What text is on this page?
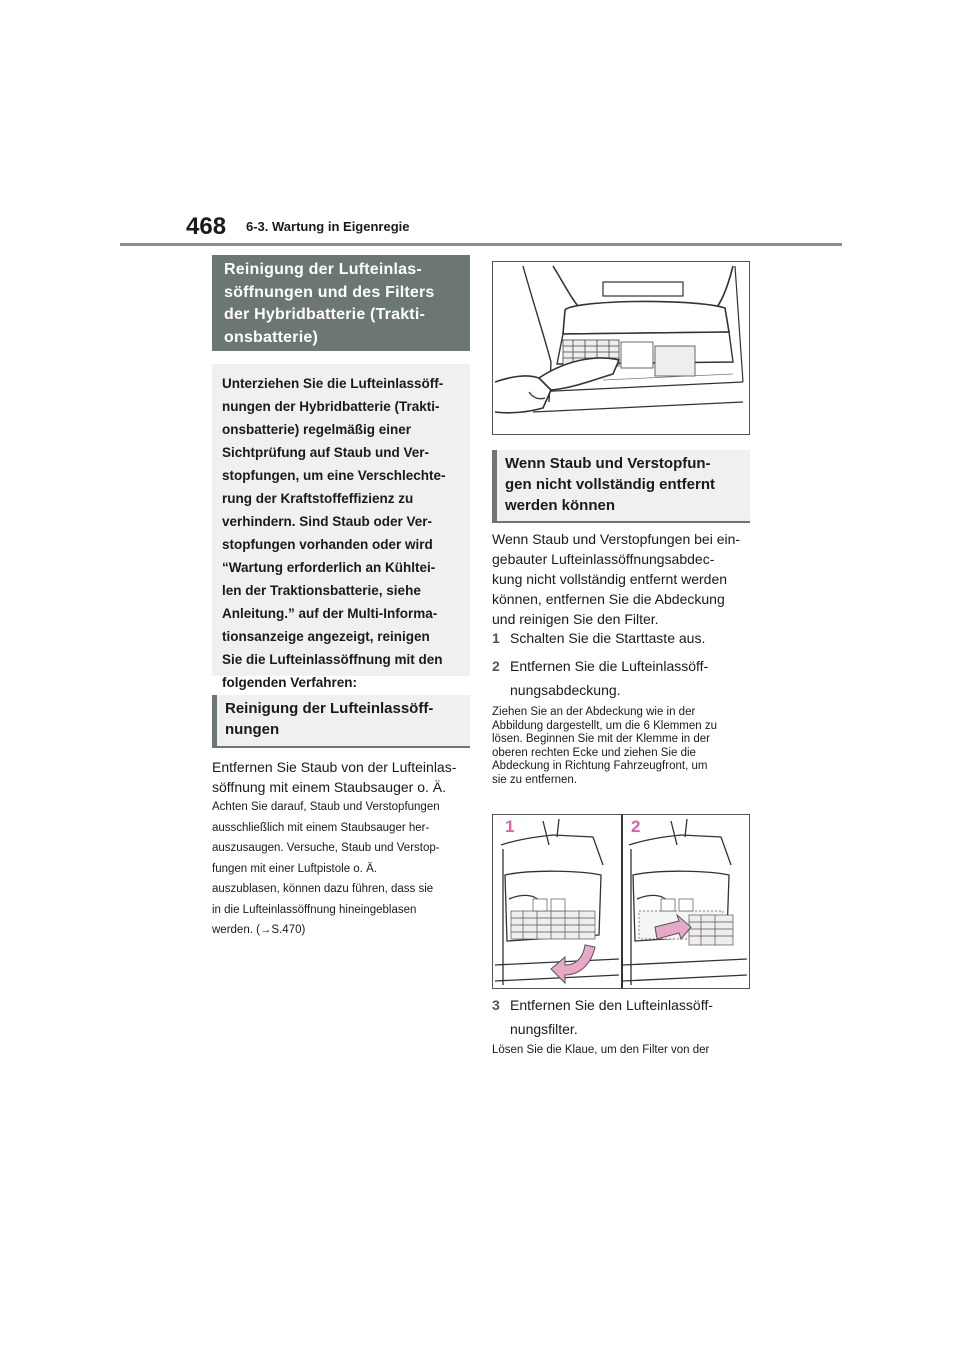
468 6-3. Wartung in Eigenregie
Reinigung der Lufteinlas-
söffnungen und des Filters
der Hybridbatterie (Trakti-
onsbatterie)
Unterziehen Sie die Lufteinlassöff-
nungen der Hybridbatterie (Trakti-
onsbatterie) regelmäßig einer
Sichtprüfung auf Staub und Ver-
stopfungen, um eine Verschlechte-
rung der Kraftstoffeffizienz zu
verhindern. Sind Staub oder Ver-
stopfungen vorhanden oder wird
“Wartung erforderlich an Kühltei-
len der Traktionsbatterie, siehe
Anleitung.” auf der Multi-Informa-
tionsanzeige angezeigt, reinigen
Sie die Lufteinlassöffnung mit den
folgenden Verfahren:
Reinigung der Lufteinlassöff-
nungen
Entfernen Sie Staub von der Lufteinlas-
söffnung mit einem Staubsauger o. Ä.
Achten Sie darauf, Staub und Verstopfungen
ausschließlich mit einem Staubsauger her-
auszusaugen. Versuche, Staub und Verstop-
fungen mit einer Luftpistole o. Ä.
auszublasen, können dazu führen, dass sie
in die Lufteinlassöffnung hineingeblasen
werden. (→S.470)
Wenn Staub und Verstopfun-
gen nicht vollständig entfernt
werden können
Wenn Staub und Verstopfungen bei ein-
gebauter Lufteinlassöffnungsabdec-
kung nicht vollständig entfernt werden
können, entfernen Sie die Abdeckung
und reinigen Sie den Filter.
1 Schalten Sie die Starttaste aus.
2 Entfernen Sie die Lufteinlassöff-
nungsabdeckung.
Ziehen Sie an der Abdeckung wie in der
Abbildung dargestellt, um die 6 Klemmen zu
lösen. Beginnen Sie mit der Klemme in der
oberen rechten Ecke und ziehen Sie die
Abdeckung in Richtung Fahrzeugfront, um
sie zu entfernen.
1	2
3 Entfernen Sie den Lufteinlassöff-
nungsfilter.
Lösen Sie die Klaue, um den Filter von der
